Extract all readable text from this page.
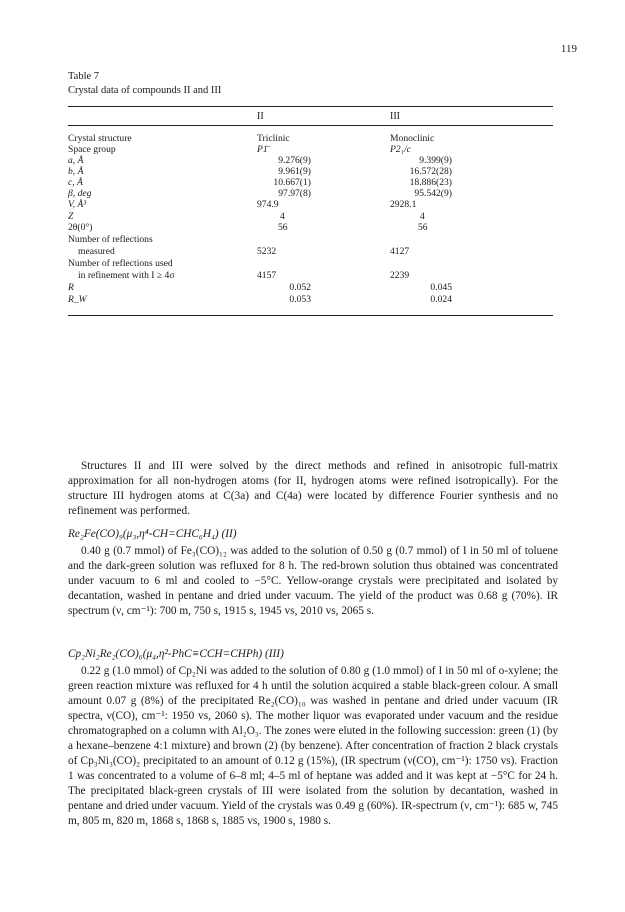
119
Table 7
Crystal data of compounds II and III
II	III
Crystal structure	Triclinic	Monoclinic
Space group	P1̄	P2₁/c
a, Å	9.276(9)	9.399(9)
b, Å	9.961(9)	16.572(28)
c, Å	10.667(1)	18.886(23)
β, deg	97.97(8)	95.542(9)
V, Å³	974.9	2928.1
Z	4	4
2θ(0°)	56	56
Number of reflections
measured	5232	4127
Number of reflections used
in refinement with I ≥ 4σ	4157	2239
R	0.052	0.045
R_W	0.053	0.024

Structures II and III were solved by the direct methods and refined in anisotropic full-matrix approximation for all non-hydrogen atoms (for II, hydrogen atoms were refined isotropically). For the structure III hydrogen atoms at C(3a) and C(4a) were located by difference Fourier synthesis and no refinement was performed.

Re₂Fe(CO)₉(μ₃,η⁴-CH=CHC₆H₄) (II)

0.40 g (0.7 mmol) of Fe₃(CO)₁₂ was added to the solution of 0.50 g (0.7 mmol) of I in 50 ml of toluene and the dark-green solution was refluxed for 8 h. The red-brown solution thus obtained was concentrated under vacuum to 6 ml and cooled to −5°C. Yellow-orange crystals were precipitated and isolated by decantation, washed in pentane and dried under vacuum. The yield of the product was 0.68 g (70%). IR spectrum (ν, cm⁻¹): 700 m, 750 s, 1915 s, 1945 vs, 2010 vs, 2065 s.

Cp₂Ni₂Re₂(CO)₆(μ₄,η²-PhC≡CCH=CHPh) (III)

0.22 g (1.0 mmol) of Cp₂Ni was added to the solution of 0.80 g (1.0 mmol) of I in 50 ml of o-xylene; the green reaction mixture was refluxed for 4 h until the solution acquired a stable black-green colour. A small amount 0.07 g (8%) of the precipitated Re₂(CO)₁₀ was washed in pentane and dried under vacuum (IR spectra, ν(CO), cm⁻¹: 1950 vs, 2060 s). The mother liquor was evaporated under vacuum and the residue chromatographed on a column with Al₂O₃. The zones were eluted in the following succession: green (1) (by a hexane–benzene 4:1 mixture) and brown (2) (by benzene). After concentration of fraction 2 black crystals of Cp₃Ni₃(CO)₂ precipitated to an amount of 0.12 g (15%), (IR spectrum (ν(CO), cm⁻¹): 1750 vs). Fraction 1 was concentrated to a volume of 6–8 ml; 4–5 ml of heptane was added and it was kept at −5°C for 24 h. The precipitated black-green crystals of III were isolated from the solution by decantation, washed in pentane and dried under vacuum. Yield of the crystals was 0.49 g (60%). IR-spectrum (ν, cm⁻¹): 685 w, 745 m, 805 m, 820 m, 1868 s, 1868 s, 1885 vs, 1900 s, 1980 s.
